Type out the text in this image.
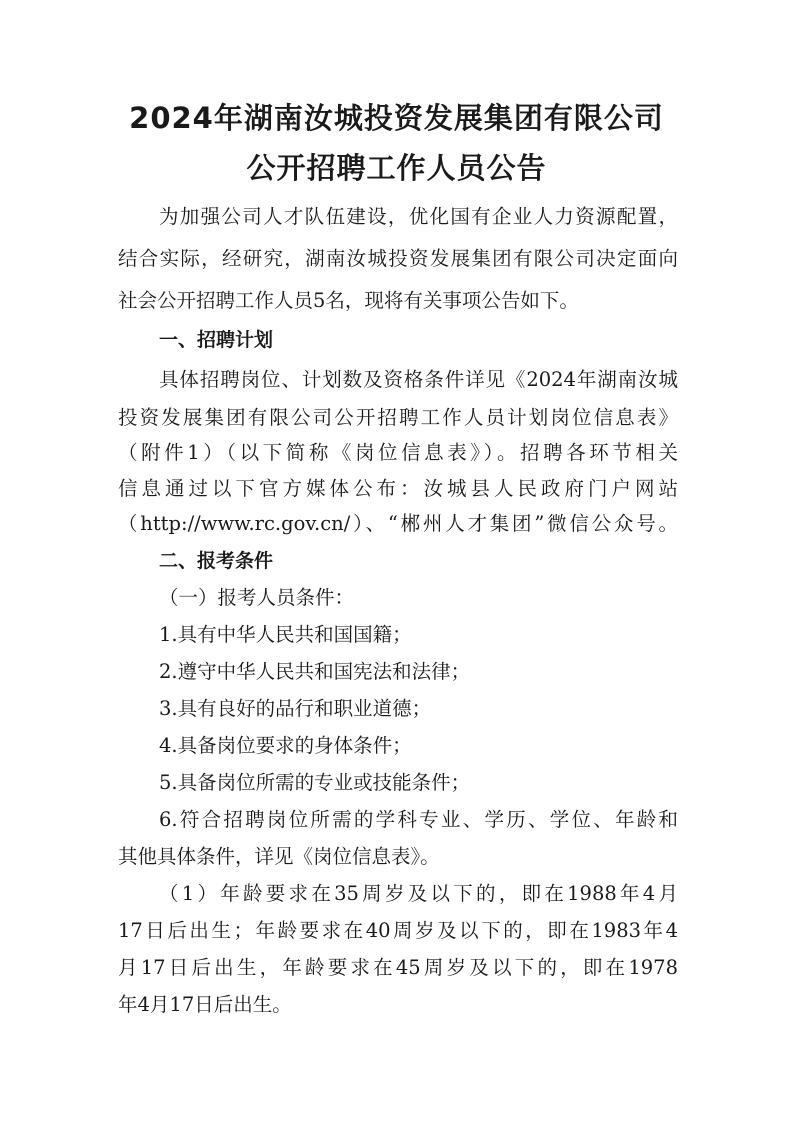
2024年湖南汝城投资发展集团有限公司
公开招聘工作人员公告
为加强公司人才队伍建设，优化国有企业人力资源配置，
结合实际，经研究，湖南汝城投资发展集团有限公司决定面向
社会公开招聘工作人员5名，现将有关事项公告如下。
一、招聘计划
具体招聘岗位、计划数及资格条件详见《2024年湖南汝城
投资发展集团有限公司公开招聘工作人员计划岗位信息表》
（附件1）（以下简称《岗位信息表》）。招聘各环节相关
信息通过以下官方媒体公布：汝城县人民政府门户网站
（http://www.rc.gov.cn/）、“郴州人才集团”微信公众号。
二、报考条件
（一）报考人员条件：
1.具有中华人民共和国国籍；
2.遵守中华人民共和国宪法和法律；
3.具有良好的品行和职业道德；
4.具备岗位要求的身体条件；
5.具备岗位所需的专业或技能条件；
6.符合招聘岗位所需的学科专业、学历、学位、年龄和
其他具体条件，详见《岗位信息表》。
（1）年龄要求在35周岁及以下的，即在1988年4月
17日后出生；年龄要求在40周岁及以下的，即在1983年4
月17日后出生，年龄要求在45周岁及以下的，即在1978
年4月17日后出生。
